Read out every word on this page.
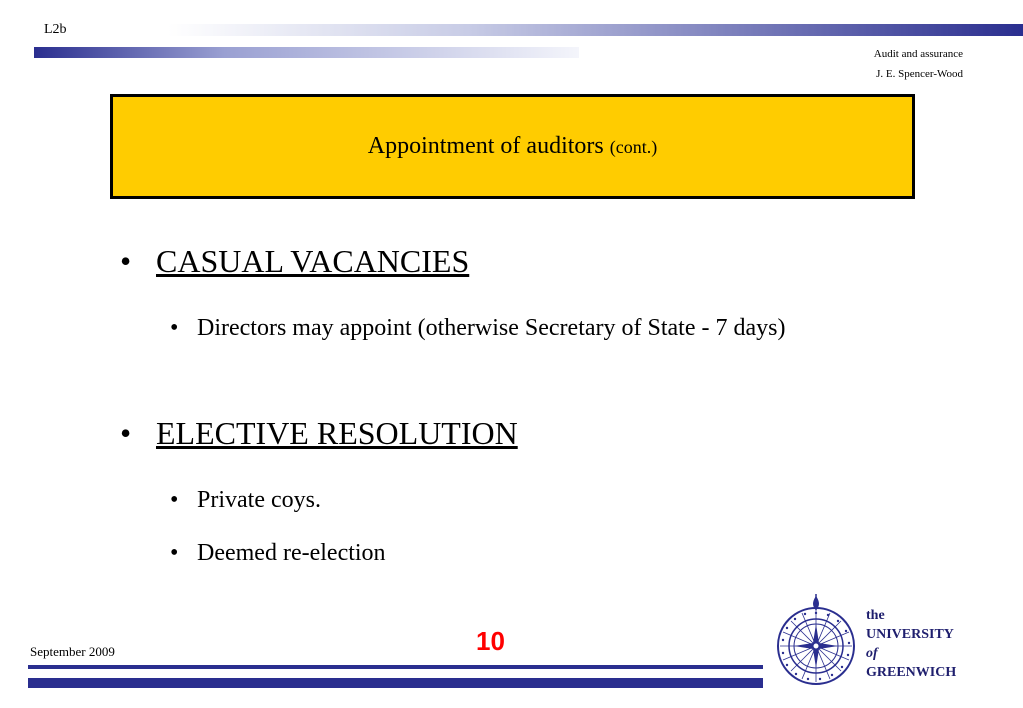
L2b
Audit and assurance
J. E. Spencer-Wood
Appointment of auditors (cont.)
• CASUAL VACANCIES
• Directors may appoint (otherwise Secretary of State - 7 days)
• ELECTIVE RESOLUTION
• Private coys.
• Deemed re-election
September 2009	10
the
UNIVERSITY
of
GREENWICH
